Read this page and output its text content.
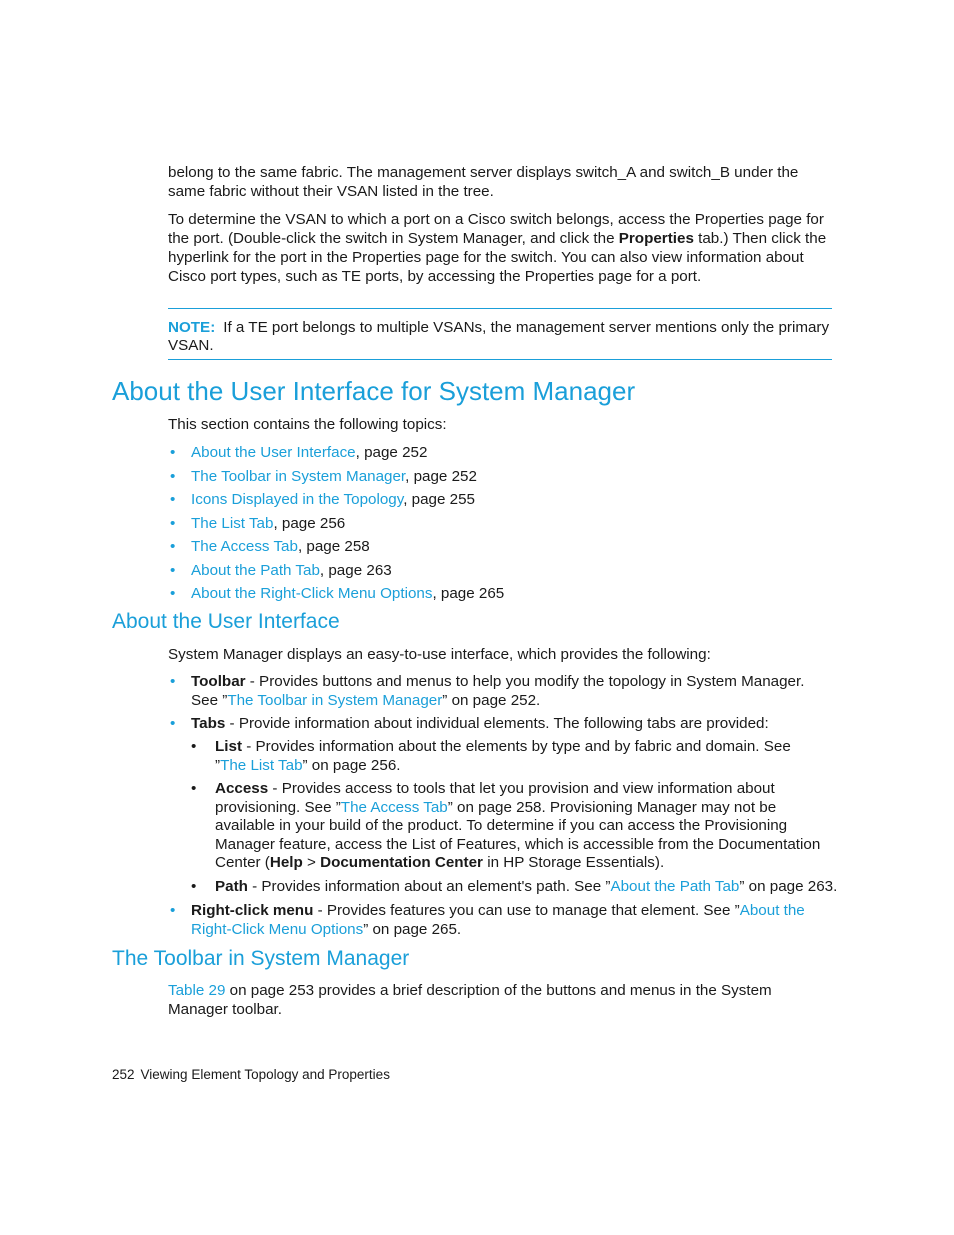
belong to the same fabric. The management server displays switch_A and switch_B under the same fabric without their VSAN listed in the tree.

To determine the VSAN to which a port on a Cisco switch belongs, access the Properties page for the port. (Double-click the switch in System Manager, and click the Properties tab.) Then click the hyperlink for the port in the Properties page for the switch. You can also view information about Cisco port types, such as TE ports, by accessing the Properties page for a port.

NOTE: If a TE port belongs to multiple VSANs, the management server mentions only the primary VSAN.
About the User Interface for System Manager

This section contains the following topics:

• About the User Interface, page 252
• The Toolbar in System Manager, page 252
• Icons Displayed in the Topology, page 255
• The List Tab, page 256
• The Access Tab, page 258
• About the Path Tab, page 263
• About the Right-Click Menu Options, page 265
About the User Interface

System Manager displays an easy-to-use interface, which provides the following:

• Toolbar - Provides buttons and menus to help you modify the topology in System Manager. See ”The Toolbar in System Manager” on page 252.
• Tabs - Provide information about individual elements. The following tabs are provided:
• List - Provides information about the elements by type and by fabric and domain. See ”The List Tab” on page 256.
• Access - Provides access to tools that let you provision and view information about provisioning. See ”The Access Tab” on page 258. Provisioning Manager may not be available in your build of the product. To determine if you can access the Provisioning Manager feature, access the List of Features, which is accessible from the Documentation Center (Help > Documentation Center in HP Storage Essentials).
• Path - Provides information about an element's path. See ”About the Path Tab” on page 263.
• Right-click menu - Provides features you can use to manage that element. See ”About the Right-Click Menu Options” on page 265.
The Toolbar in System Manager

Table 29 on page 253 provides a brief description of the buttons and menus in the System Manager toolbar.

252 Viewing Element Topology and Properties
